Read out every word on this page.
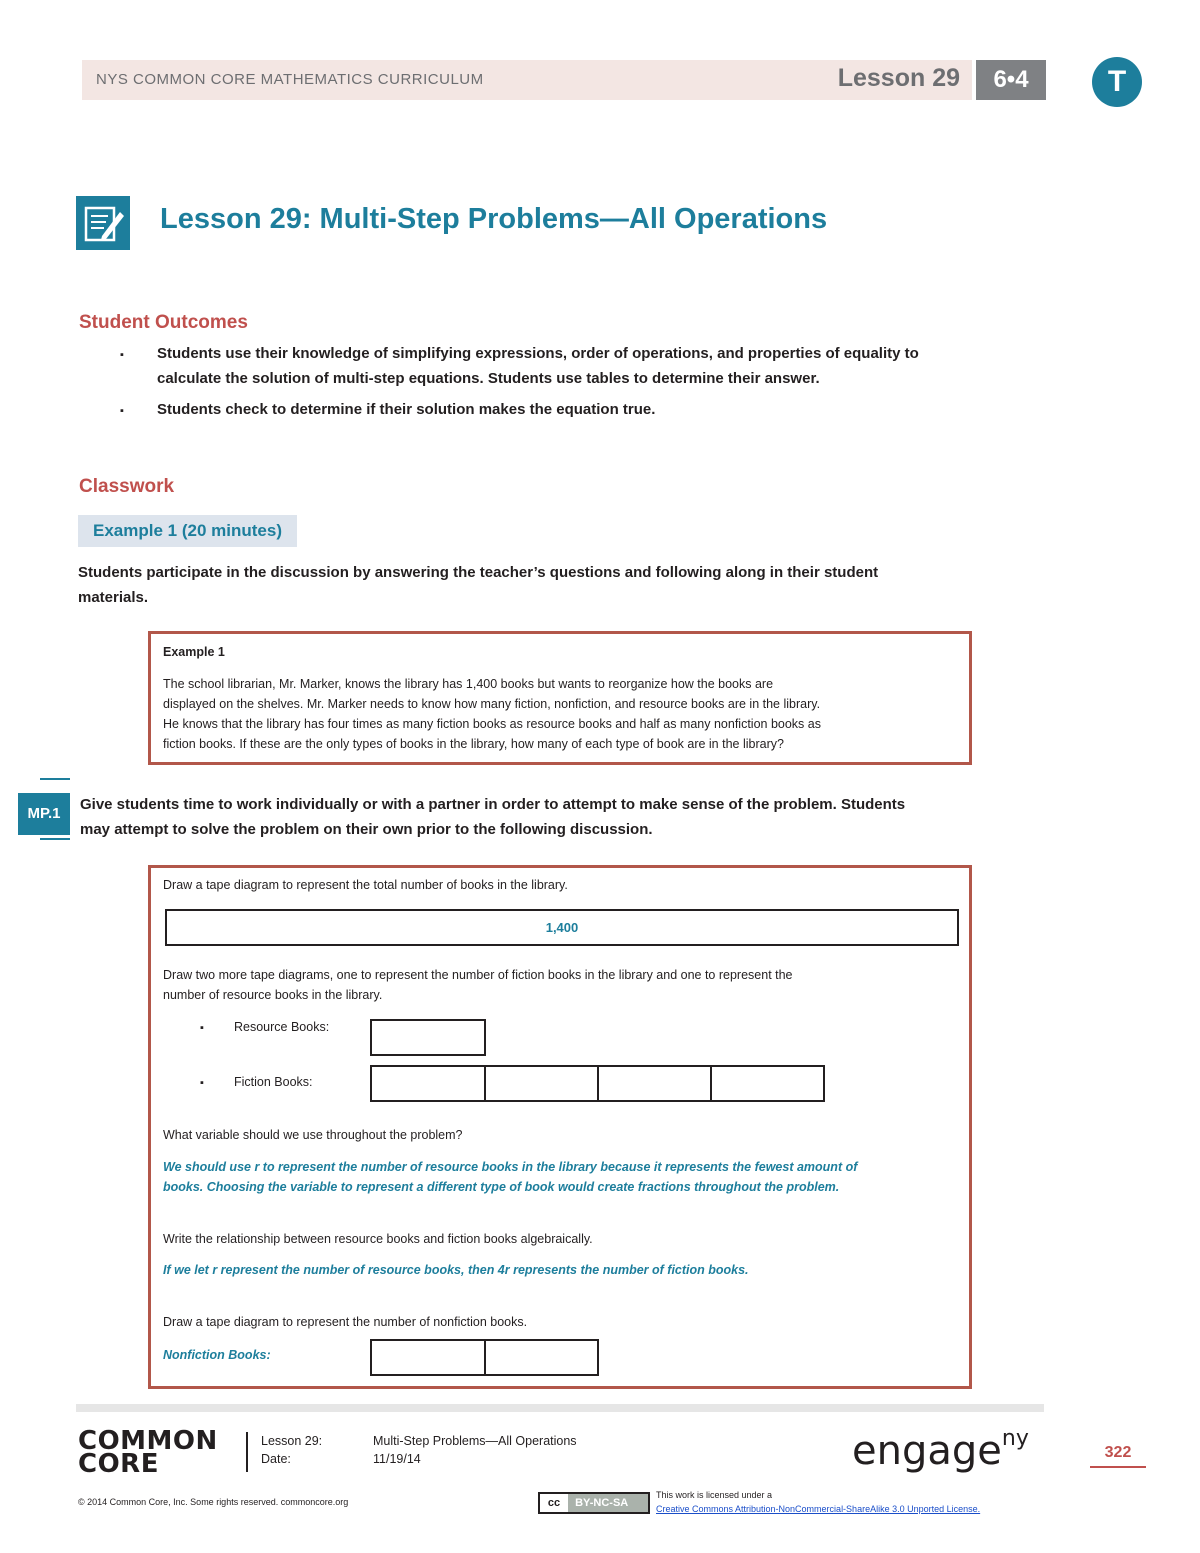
NYS COMMON CORE MATHEMATICS CURRICULUM	Lesson 29	6•4	T
Lesson 29: Multi-Step Problems—All Operations
Student Outcomes
▪ Students use their knowledge of simplifying expressions, order of operations, and properties of equality to
calculate the solution of multi-step equations. Students use tables to determine their answer.
▪ Students check to determine if their solution makes the equation true.
Classwork
Example 1 (20 minutes)
Students participate in the discussion by answering the teacher’s questions and following along in their student
materials.
Example 1
The school librarian, Mr. Marker, knows the library has 1,400 books but wants to reorganize how the books are
displayed on the shelves. Mr. Marker needs to know how many fiction, nonfiction, and resource books are in the library.
He knows that the library has four times as many fiction books as resource books and half as many nonfiction books as
fiction books. If these are the only types of books in the library, how many of each type of book are in the library?
MP.1
Give students time to work individually or with a partner in order to attempt to make sense of the problem. Students
may attempt to solve the problem on their own prior to the following discussion.
Draw a tape diagram to represent the total number of books in the library.
1,400
Draw two more tape diagrams, one to represent the number of fiction books in the library and one to represent the
number of resource books in the library.
▪ Resource Books:
▪ Fiction Books:
What variable should we use throughout the problem?
We should use r to represent the number of resource books in the library because it represents the fewest amount of
books. Choosing the variable to represent a different type of book would create fractions throughout the problem.
Write the relationship between resource books and fiction books algebraically.
If we let r represent the number of resource books, then 4r represents the number of fiction books.
Draw a tape diagram to represent the number of nonfiction books.
Nonfiction Books:
COMMON
CORE
Lesson 29:	Multi-Step Problems—All Operations
Date:	11/19/14
© 2014 Common Core, Inc. Some rights reserved. commoncore.org	cc BY-NC-SA
This work is licensed under a
Creative Commons Attribution-NonCommercial-ShareAlike 3.0 Unported License.
engage$^{ny}$
322
